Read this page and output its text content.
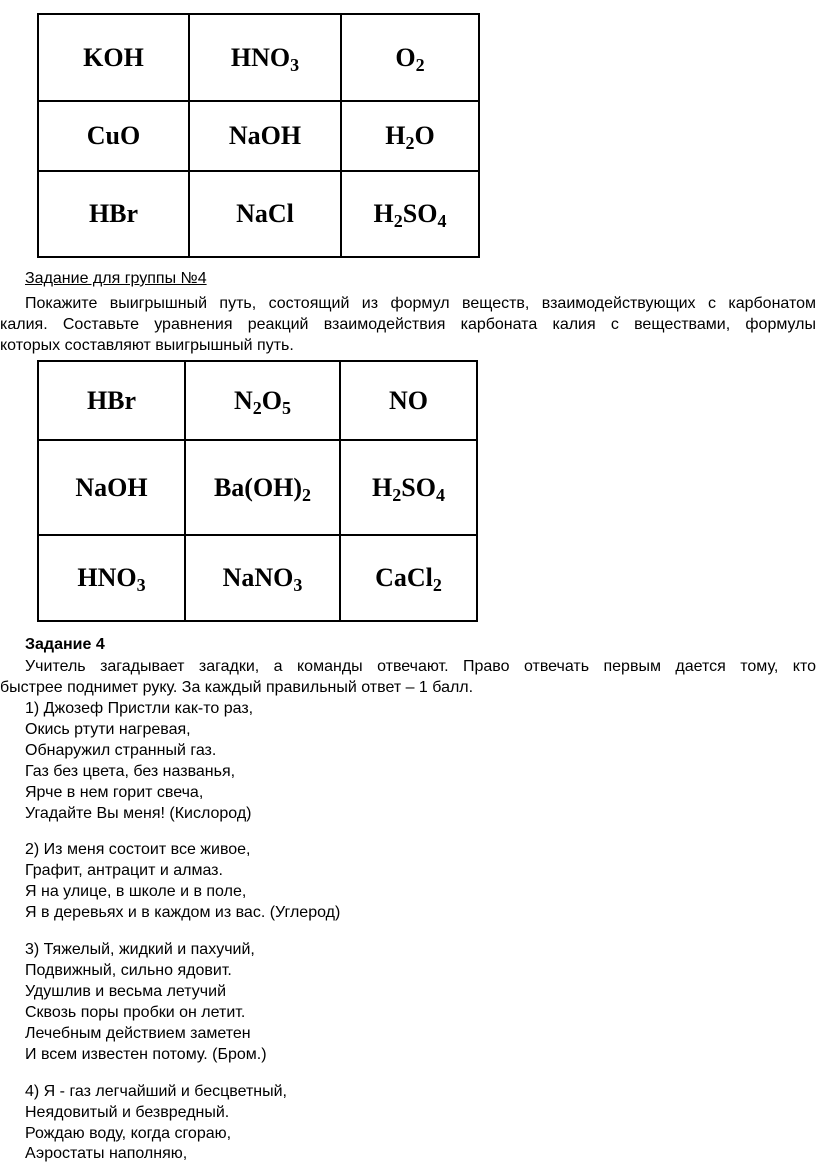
KOH	$HNO_3$	$O_2$
CuO	NaOH	$H_2O$
HBr	NaCl	$H_2SO_4$
Задание для группы №4
Покажите выигрышный путь, состоящий из формул веществ, взаимодействующих с карбонатом
калия. Составьте уравнения реакций взаимодействия карбоната калия с веществами, формулы
которых составляют выигрышный путь.
HBr	$N_2O_5$	NO
NaOH	$Ba(OH)_2$	$H_2SO_4$
$HNO_3$	NaNO$_3$	CaCl$_2$
Задание 4
Учитель загадывает загадки, а команды отвечают. Право отвечать первым дается тому, кто
быстрее поднимет руку. За каждый правильный ответ – 1 балл.
1) Джозеф Пристли как-то раз,
Окись ртути нагревая,
Обнаружил странный газ.
Газ без цвета, без названья,
Ярче в нем горит свеча,
Угадайте Вы меня! (Кислород)
2) Из меня состоит все живое,
Графит, антрацит и алмаз.
Я на улице, в школе и в поле,
Я в деревьях и в каждом из вас. (Углерод)
3) Тяжелый, жидкий и пахучий,
Подвижный, сильно ядовит.
Удушлив и весьма летучий
Сквозь поры пробки он летит.
Лечебным действием заметен
И всем известен потому. (Бром.)
4) Я - газ легчайший и бесцветный,
Неядовитый и безвредный.
Рождаю воду, когда сгораю,
Аэростаты наполняю,
